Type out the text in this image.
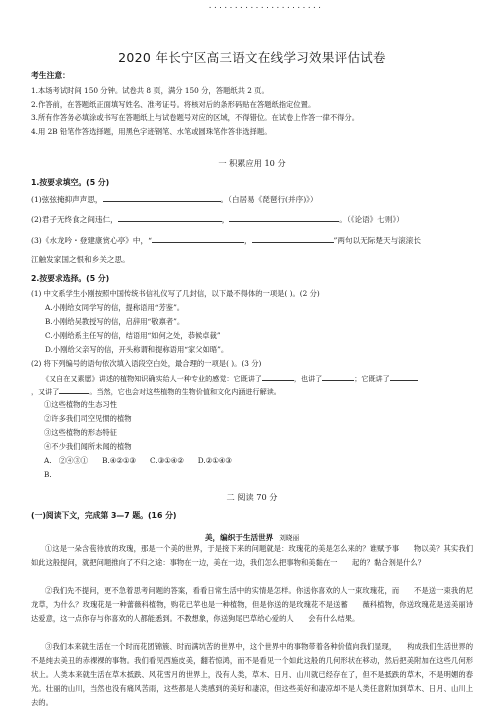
......................
2020 年长宁区高三语文在线学习效果评估试卷
考生注意：
1.本场考试时间 150 分钟。试卷共 8 页，满分 150 分，答题纸共 2 页。
2.作答前，在答题纸正面填写姓名、准考证号。将核对后的条形码贴在答题纸指定位置。
3.所有作答务必填涂或书写在答题纸上与试卷题号对应的区域，不得错位。在试卷上作答一律不得分。
4.用 2B 铅笔作答选择题，用黑色字迹钢笔、水笔或圆珠笔作答非选择题。
一 积累应用 10 分
1.按要求填空。(5 分)
(1)弦弦掩抑声声思，	。（白居易《琵琶行(并序)》）
(2)君子无终食之间违仁，	，	。（《论语》七则》）
(3)《水龙吟・登建康赏心亭》中，“	，	”两句以无际楚天与滚滚长
江触发家国之恨和乡关之思。
2.按要求选择。(5 分)
(1) 中文系学生小刚按照中国传统书信礼仪写了几封信，以下最不得体的一项是( )。(2 分)
A.小刚给女同学写的信，提称语用“芳鉴”。
B.小刚给吴教授写的信，启辞用“敬禀者”。
C.小刚给系主任写的信，结语用“如何之处，恭候卓裁”
D.小刚给父亲写的信，开头称谓和提称语用“家父如晤”。
(2) 将下列编号的语句依次填入语段空白处，最合理的一项是( )。(3 分)
《又自在又素愿》讲述的植物知识确实给人一种专业的感觉：它既讲了	，也讲了	；它既讲了
，又讲了	。当然，它也会对这些植物的生物价值和文化内涵进行解读。
①这些植物的生态习性
②许多我们司空见惯的植物
③这些植物的形态特征
④不少我们闻所未闻的植物
A.　②④③① B.④②①③ C.③①④② D.②①④③
B.
二 阅读 70 分
(一)阅读下文，完成第 3—7 题。(16 分)
美，编织于生活世界 刘晓丽
①这是一朵含苞待放的玫瑰，那是一个美的世界，于是接下来的问题就是：玫瑰花的美是怎么来的？谁赋予事　　物以美？其实我们如此这般提问，就把问题推向了不归之途：事物在一边，美在一边，我们怎么把事物和美黏在一　　起的？黏合剂是什么？
②我们先不提问，更不急着思考问题的答案，看看日常生活中的实情是怎样。你送你喜欢的人一束玫瑰花，而　　不是送一束我的尼龙草，为什么？玫瑰花是一种蕾薇科植物，购花已苹也是一种植物，但是你送的是玫瑰花不是送蓄　　薇科植物，你送玫瑰花是送美丽诗达爱意，这一点你存与你喜欢的人都能悉到。不教想象，你送狗尾巴草给心爱的人　　会有什么结果。
③我们本来就生活在一个时而花团锦簇、时而满坑苦的世界中，这个世界中的事物带着各种价值向我们显现，　　构成我们生活世界的不是纯去美丑的赤裸裸的事物。我们看见西施皮美，翻若惊鸿，而不是看见一个如此这般的几何形状在移动，然后把美附加在这些几何形状上。人类本来就生活在草木抵跌、风花雪月的世界上，没有人类，草木、日月、山川就已经存在了，但不是抵跌的草木，不是明媚的春光。壮丽的山川，当然也没有痛风苦雨，这些都是人类感到的美好和凄凉，但这些美好和凄凉却不是人类任意附加到草木、日月、山川上去的。
